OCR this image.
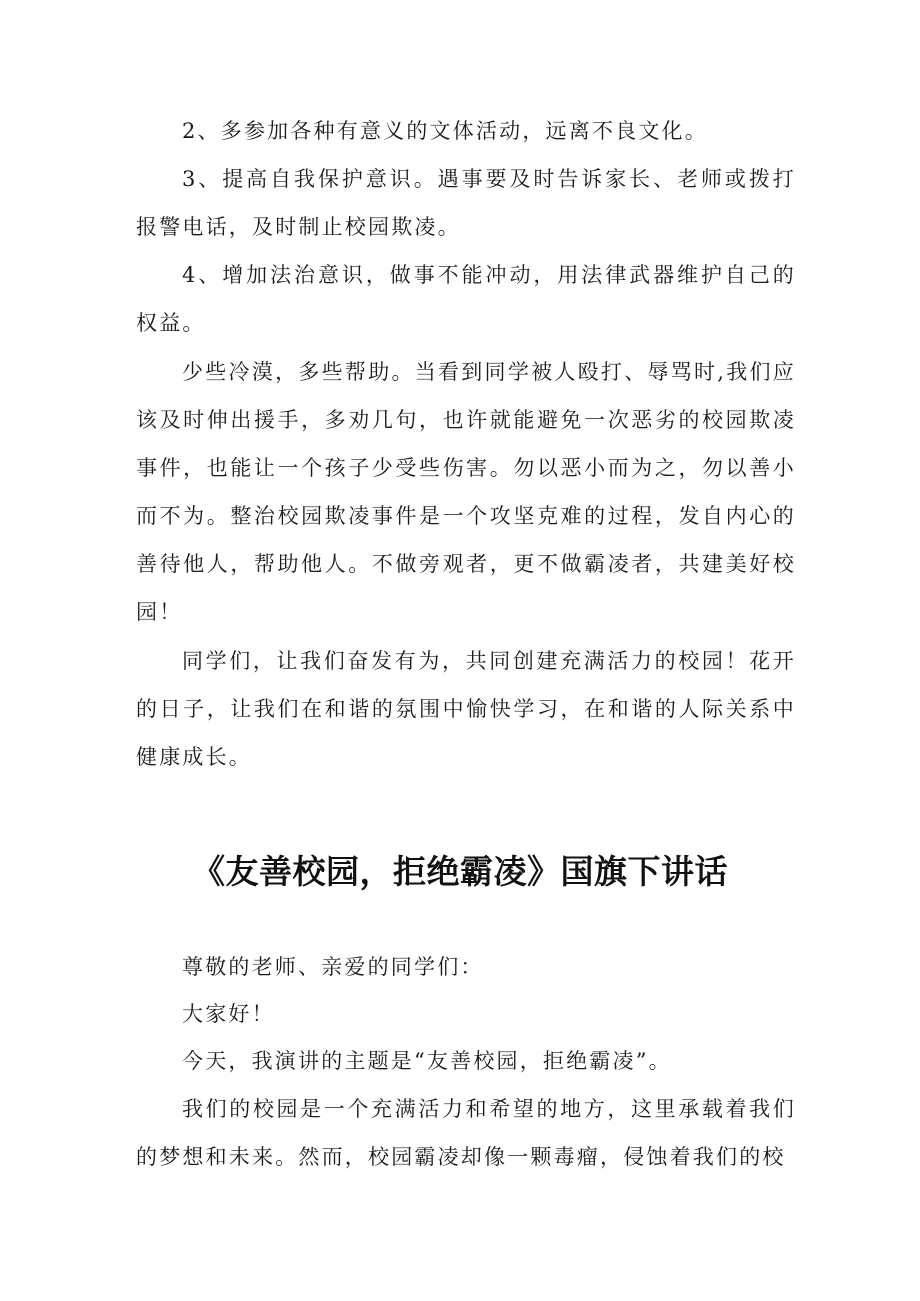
2、多参加各种有意义的文体活动，远离不良文化。

3、提高自我保护意识。遇事要及时告诉家长、老师或拨打报警电话，及时制止校园欺凌。

4、增加法治意识，做事不能冲动，用法律武器维护自己的权益。

少些冷漠，多些帮助。当看到同学被人殴打、辱骂时,我们应该及时伸出援手，多劝几句，也许就能避免一次恶劣的校园欺凌事件，也能让一个孩子少受些伤害。勿以恶小而为之，勿以善小而不为。整治校园欺凌事件是一个攻坚克难的过程，发自内心的善待他人，帮助他人。不做旁观者，更不做霸凌者，共建美好校园！

同学们，让我们奋发有为，共同创建充满活力的校园！花开的日子，让我们在和谐的氛围中愉快学习，在和谐的人际关系中健康成长。

《友善校园，拒绝霸凌》国旗下讲话

尊敬的老师、亲爱的同学们：

大家好！

今天，我演讲的主题是“友善校园，拒绝霸凌”。

我们的校园是一个充满活力和希望的地方，这里承载着我们的梦想和未来。然而，校园霸凌却像一颗毒瘤，侵蚀着我们的校
